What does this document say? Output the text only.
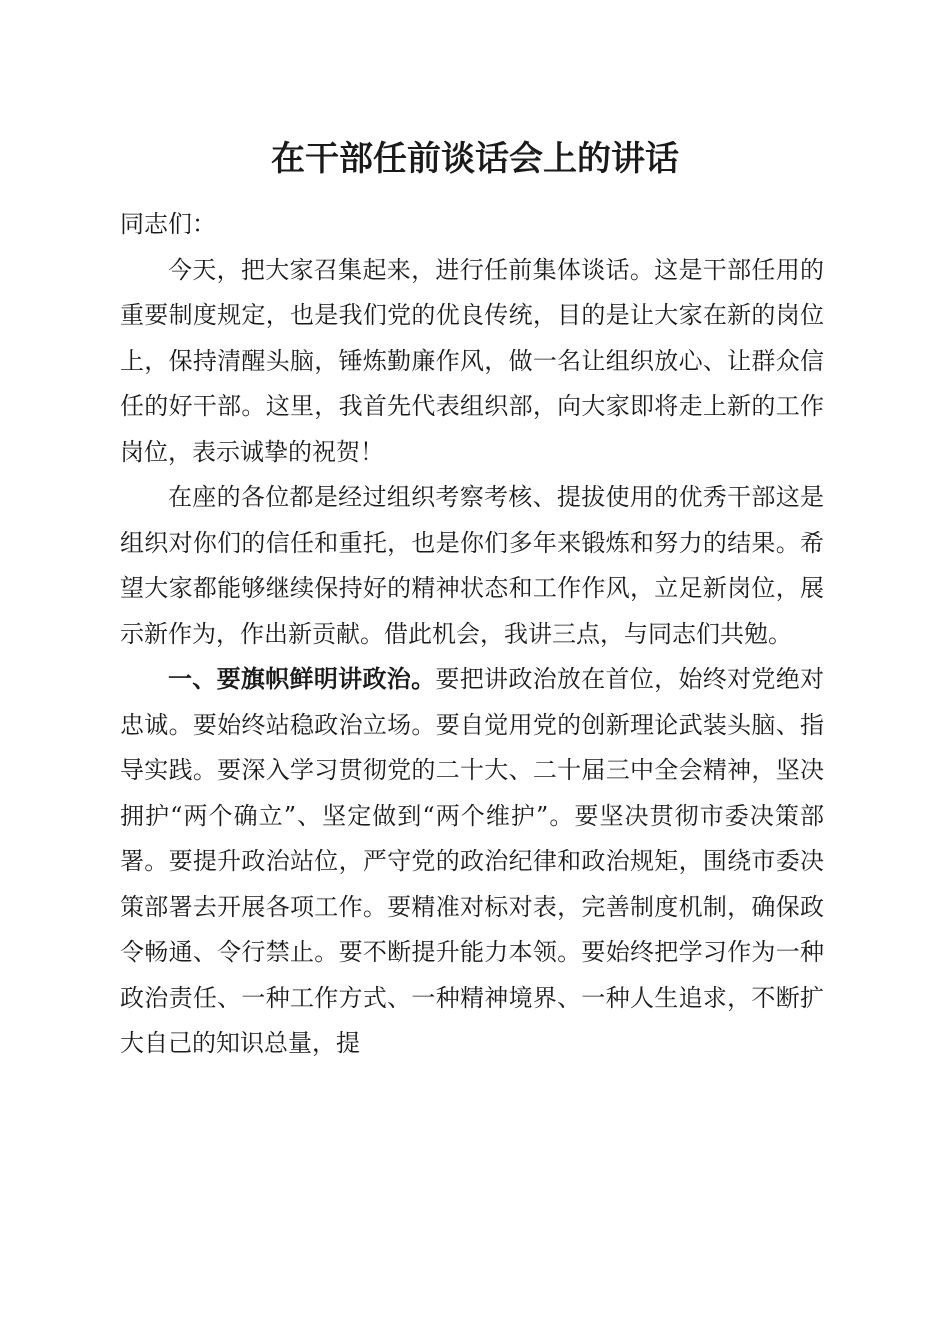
在干部任前谈话会上的讲话

同志们：

今天，把大家召集起来，进行任前集体谈话。这是干部任用的重要制度规定，也是我们党的优良传统，目的是让大家在新的岗位上，保持清醒头脑，锤炼勤廉作风，做一名让组织放心、让群众信任的好干部。这里，我首先代表组织部，向大家即将走上新的工作岗位，表示诚挚的祝贺！

在座的各位都是经过组织考察考核、提拔使用的优秀干部这是组织对你们的信任和重托，也是你们多年来锻炼和努力的结果。希望大家都能够继续保持好的精神状态和工作作风，立足新岗位，展示新作为，作出新贡献。借此机会，我讲三点，与同志们共勉。

一、要旗帜鲜明讲政治。要把讲政治放在首位，始终对党绝对忠诚。要始终站稳政治立场。要自觉用党的创新理论武装头脑、指导实践。要深入学习贯彻党的二十大、二十届三中全会精神，坚决拥护“两个确立”、坚定做到“两个维护”。要坚决贯彻市委决策部署。要提升政治站位，严守党的政治纪律和政治规矩，围绕市委决策部署去开展各项工作。要精准对标对表，完善制度机制，确保政令畅通、令行禁止。要不断提升能力本领。要始终把学习作为一种政治责任、一种工作方式、一种精神境界、一种人生追求，不断扩大自己的知识总量，提
